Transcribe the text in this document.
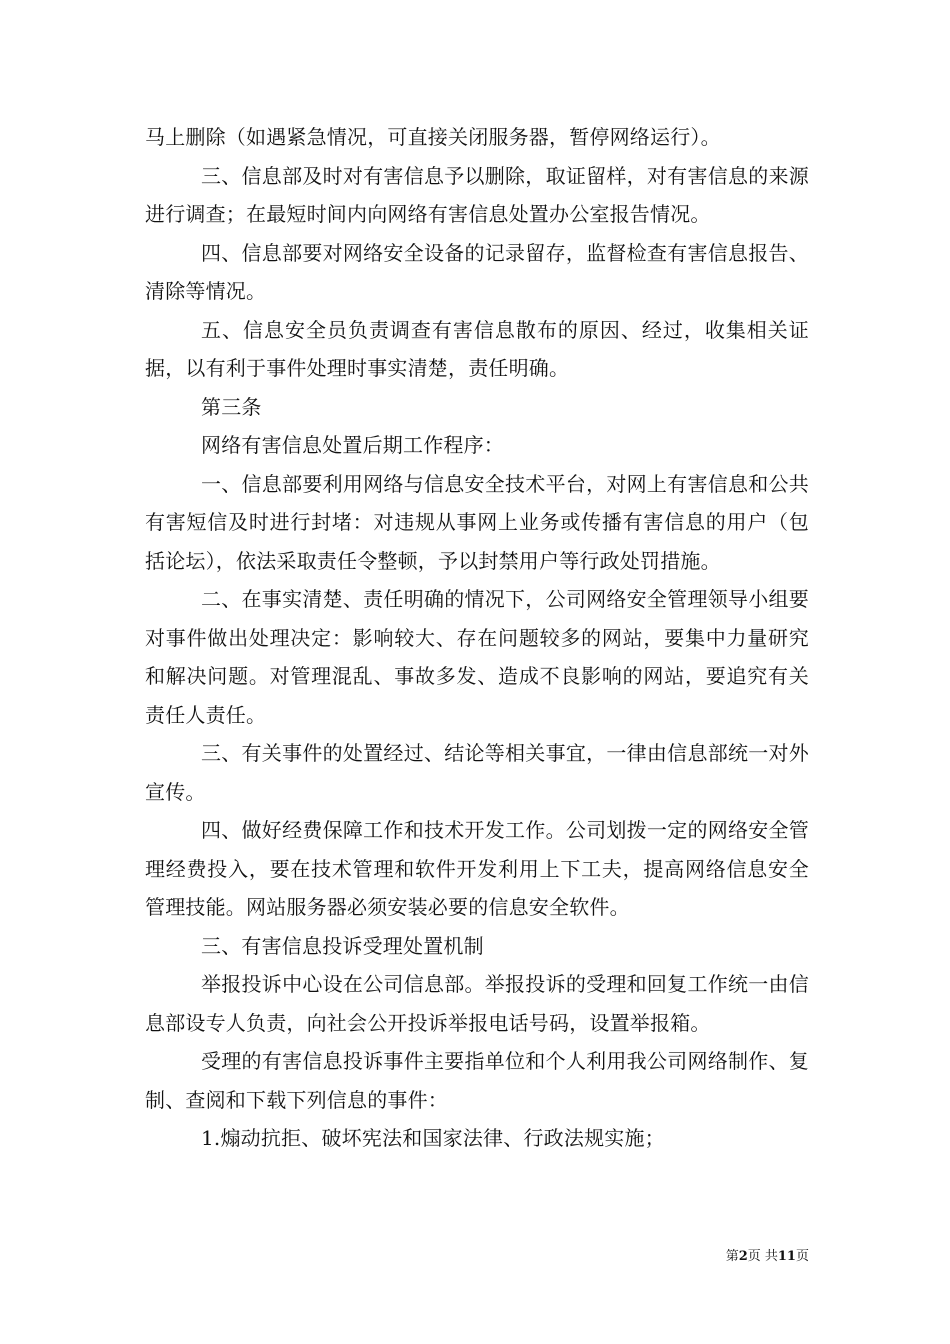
马上删除（如遇紧急情况，可直接关闭服务器，暂停网络运行）。

三、信息部及时对有害信息予以删除，取证留样，对有害信息的来源进行调查；在最短时间内向网络有害信息处置办公室报告情况。

四、信息部要对网络安全设备的记录留存，监督检查有害信息报告、清除等情况。

五、信息安全员负责调查有害信息散布的原因、经过，收集相关证据，以有利于事件处理时事实清楚，责任明确。

第三条

网络有害信息处置后期工作程序：

一、信息部要利用网络与信息安全技术平台，对网上有害信息和公共有害短信及时进行封堵：对违规从事网上业务或传播有害信息的用户（包括论坛），依法采取责任令整顿，予以封禁用户等行政处罚措施。

二、在事实清楚、责任明确的情况下，公司网络安全管理领导小组要对事件做出处理决定：影响较大、存在问题较多的网站，要集中力量研究和解决问题。对管理混乱、事故多发、造成不良影响的网站，要追究有关责任人责任。

三、有关事件的处置经过、结论等相关事宜，一律由信息部统一对外宣传。

四、做好经费保障工作和技术开发工作。公司划拨一定的网络安全管理经费投入，要在技术管理和软件开发利用上下工夫，提高网络信息安全管理技能。网站服务器必须安装必要的信息安全软件。

三、有害信息投诉受理处置机制

举报投诉中心设在公司信息部。举报投诉的受理和回复工作统一由信息部设专人负责，向社会公开投诉举报电话号码，设置举报箱。

受理的有害信息投诉事件主要指单位和个人利用我公司网络制作、复制、查阅和下载下列信息的事件：

1.煽动抗拒、破坏宪法和国家法律、行政法规实施；

第2页 共11页
